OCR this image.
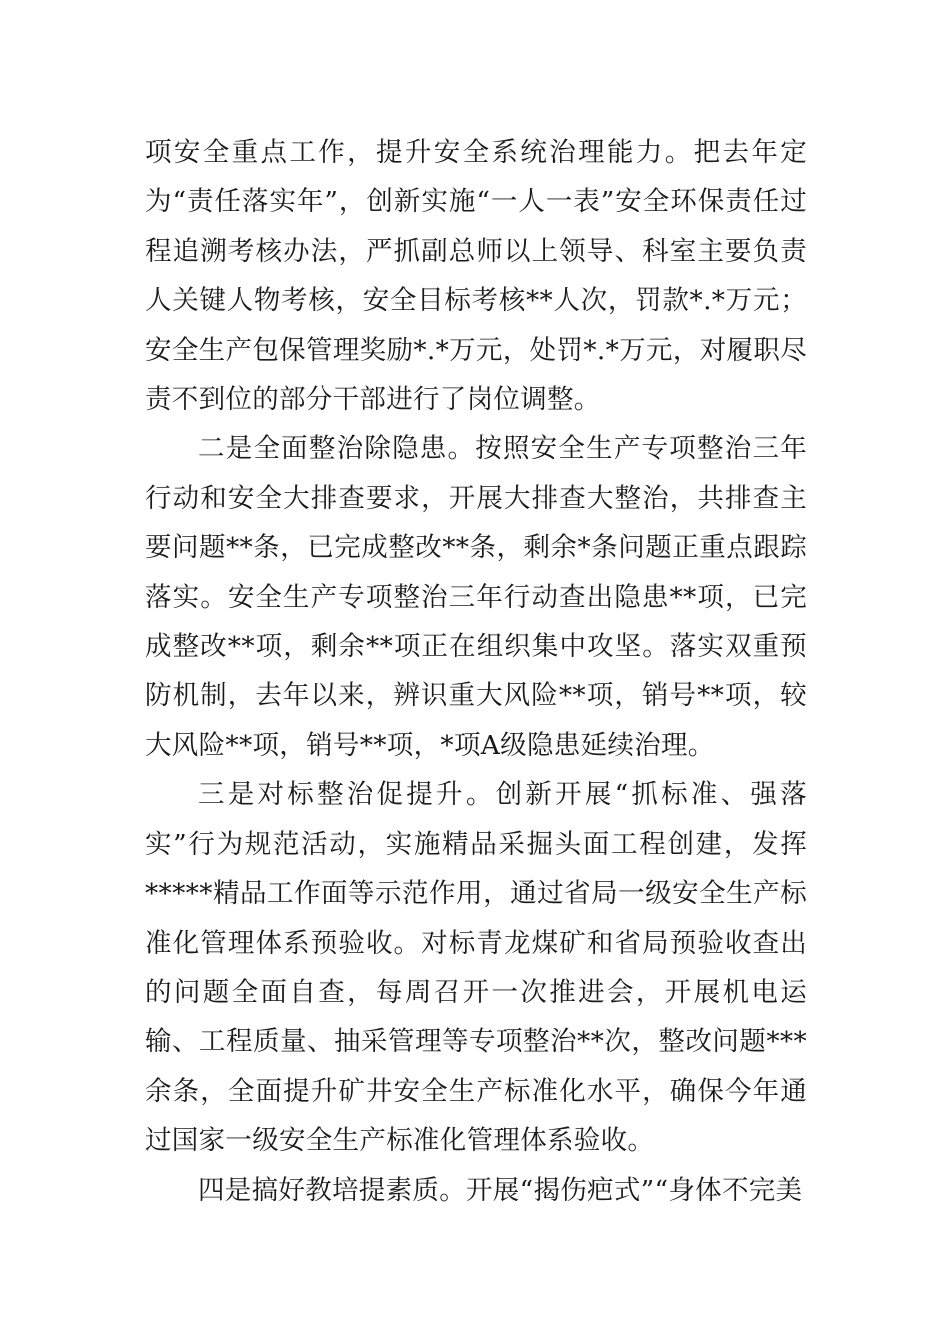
项安全重点工作，提升安全系统治理能力。把去年定为“责任落实年”，创新实施“一人一表”安全环保责任过程追溯考核办法，严抓副总师以上领导、科室主要负责人关键人物考核，安全目标考核**人次，罚款*.*万元；安全生产包保管理奖励*.*万元，处罚*.*万元，对履职尽责不到位的部分干部进行了岗位调整。

二是全面整治除隐患。按照安全生产专项整治三年行动和安全大排查要求，开展大排查大整治，共排查主要问题**条，已完成整改**条，剩余*条问题正重点跟踪落实。安全生产专项整治三年行动查出隐患**项，已完成整改**项，剩余**项正在组织集中攻坚。落实双重预防机制，去年以来，辨识重大风险**项，销号**项，较大风险**项，销号**项，*项A级隐患延续治理。

三是对标整治促提升。创新开展“抓标准、强落实”行为规范活动，实施精品采掘头面工程创建，发挥*****精品工作面等示范作用，通过省局一级安全生产标准化管理体系预验收。对标青龙煤矿和省局预验收查出的问题全面自查，每周召开一次推进会，开展机电运输、工程质量、抽采管理等专项整治**次，整改问题***余条，全面提升矿井安全生产标准化水平，确保今年通过国家一级安全生产标准化管理体系验收。

四是搞好教培提素质。开展“揭伤疤式”“身体不完美
